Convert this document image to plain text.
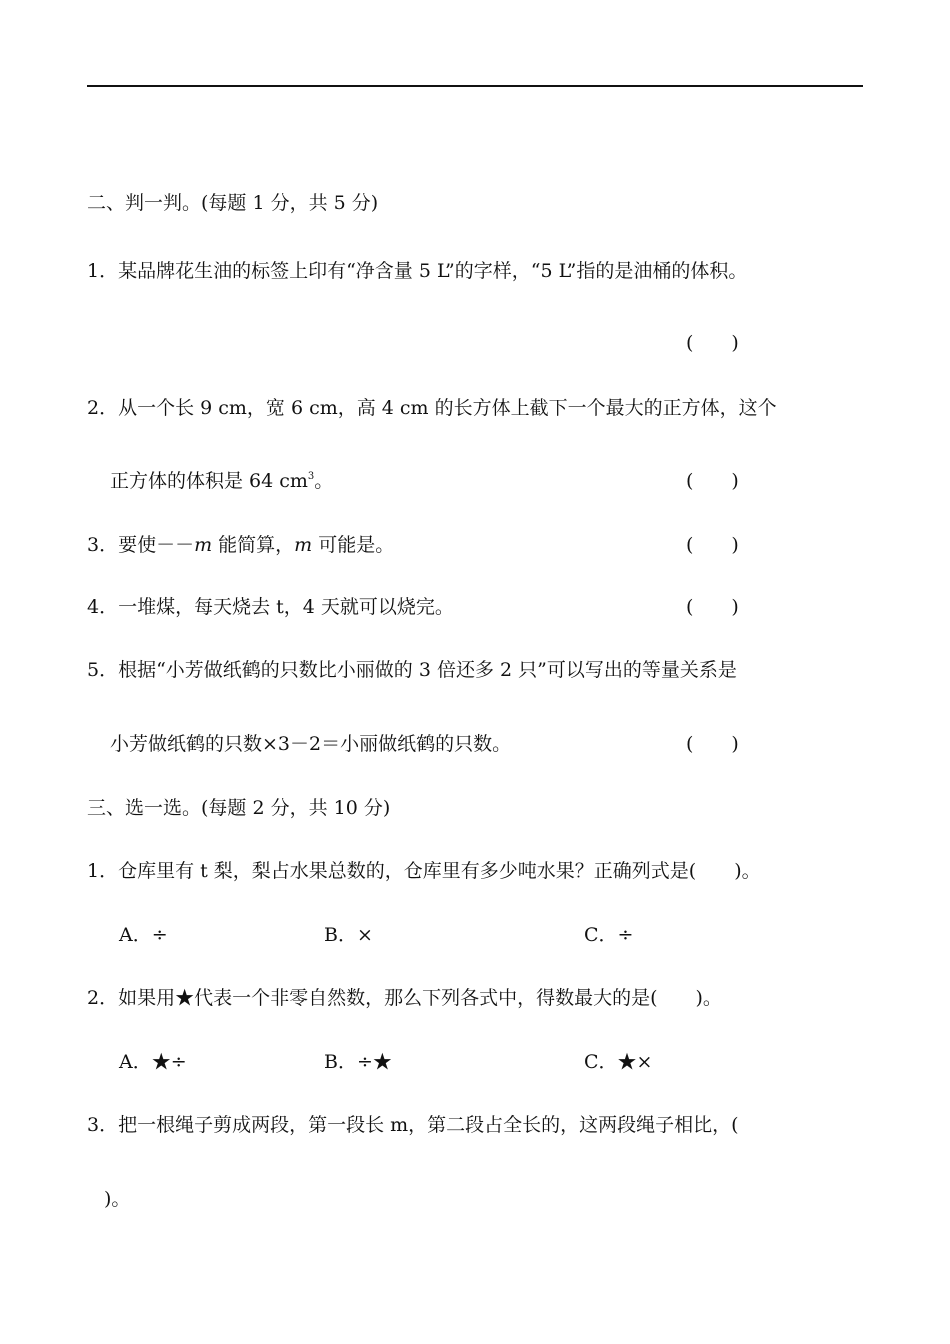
二、判一判。(每题 1 分，共 5 分)
1．某品牌花生油的标签上印有“净含量 5 L”的字样，“5 L”指的是油桶的体积。
(　　)
2．从一个长 9 cm，宽 6 cm，高 4 cm 的长方体上截下一个最大的正方体，这个
正方体的体积是 64 $cm^3$。	(　　)
3．要使－－m 能简算，m 可能是。	(　　)
4．一堆煤，每天烧去 t，4 天就可以烧完。	(　　)
5．根据“小芳做纸鹤的只数比小丽做的 3 倍还多 2 只”可以写出的等量关系是
小芳做纸鹤的只数×3－2＝小丽做纸鹤的只数。	(　　)
三、选一选。(每题 2 分，共 10 分)
1．仓库里有 t 梨，梨占水果总数的，仓库里有多少吨水果？正确列式是(　　)。
A．÷	B．×	C．÷
2．如果用★代表一个非零自然数，那么下列各式中，得数最大的是(　　)。
A．★÷	B．÷★	C．★×
3．把一根绳子剪成两段，第一段长 m，第二段占全长的，这两段绳子相比，(
)。
